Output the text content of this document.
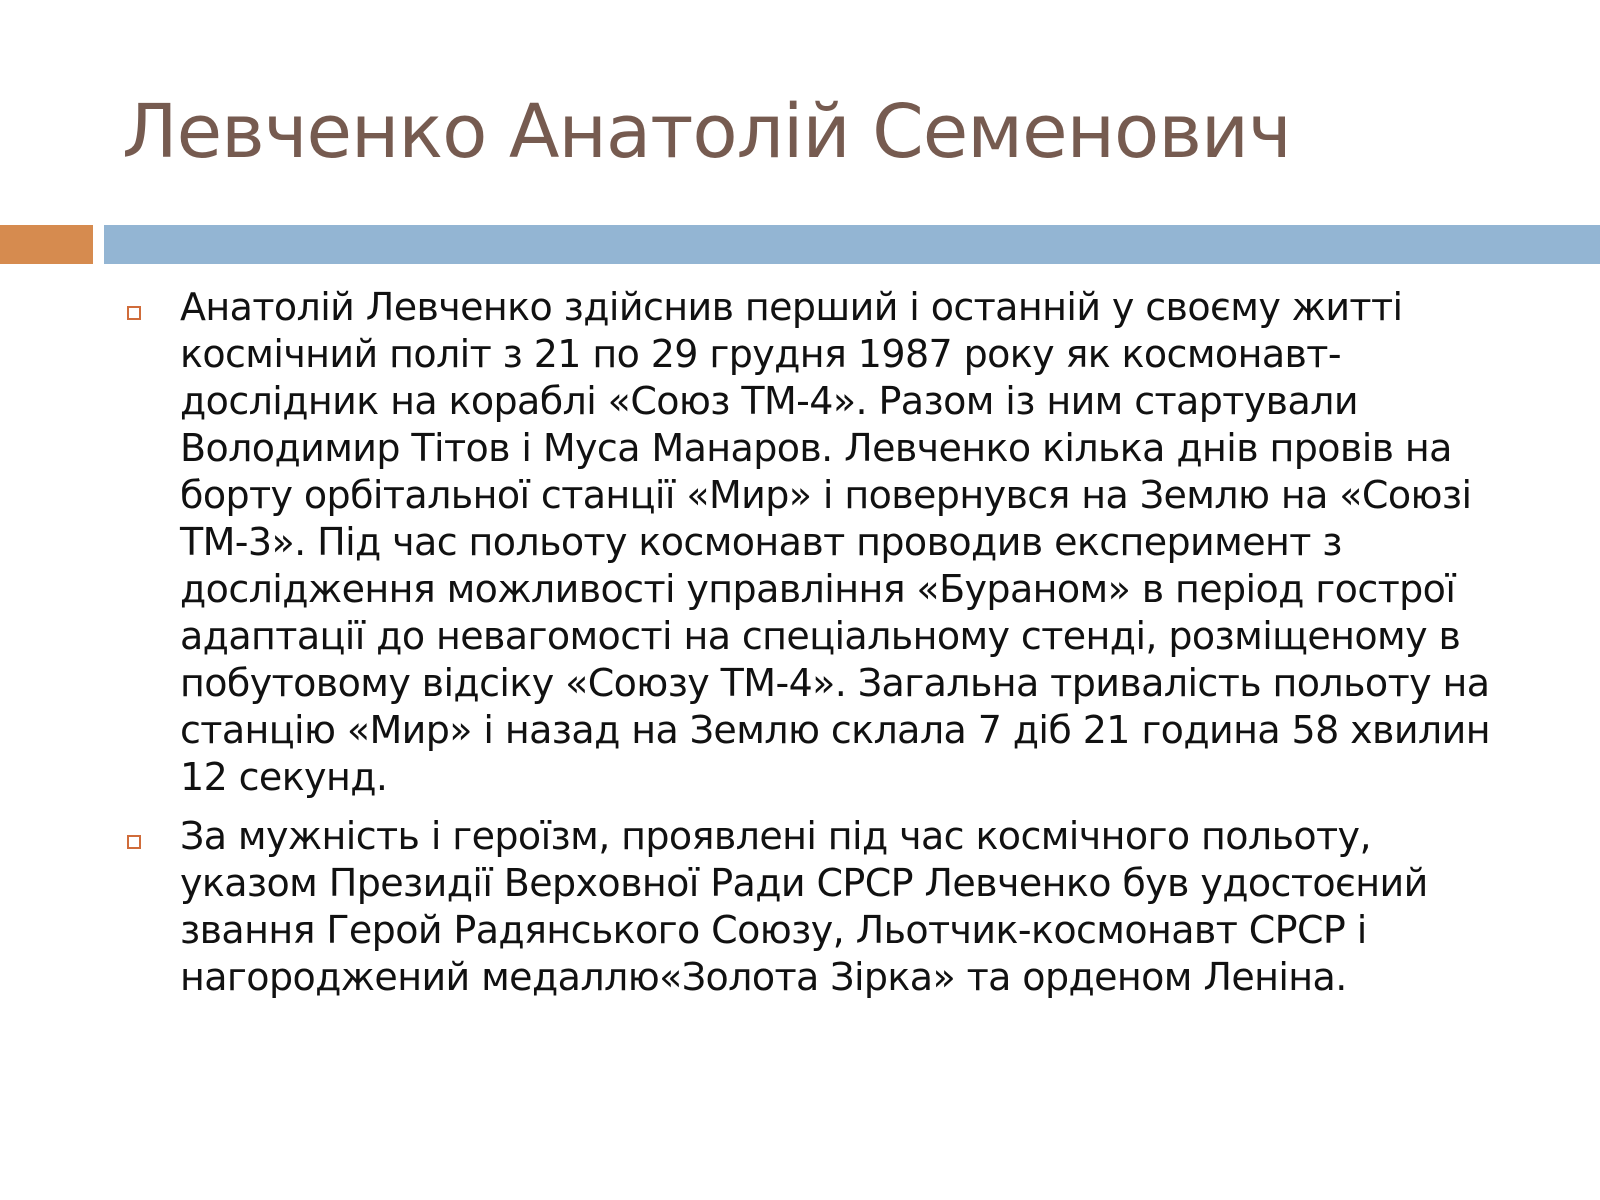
Левченко Анатолій Семенович

Анатолій Левченко здійснив перший і останній у своєму житті космічний політ з 21 по 29 грудня 1987 року як космонавт-дослідник на кораблі «Союз ТМ-4». Разом із ним стартували Володимир Тітов і Муса Манаров. Левченко кілька днів провів на борту орбітальної станції «Мир» і повернувся на Землю на «Союзі ТМ-3». Під час польоту космонавт проводив експеримент з дослідження можливості управління «Бураном» в період гострої адаптації до невагомості на спеціальному стенді, розміщеному в побутовому відсіку «Союзу ТМ-4». Загальна тривалість польоту на станцію «Мир» і назад на Землю склала 7 діб 21 година 58 хвилин 12 секунд.

За мужність і героїзм, проявлені під час космічного польоту, указом Президії Верховної Ради СРСР Левченко був удостоєний звання Герой Радянського Союзу, Льотчик-космонавт СРСР і нагороджений медаллю«Золота Зірка» та орденом Леніна.
